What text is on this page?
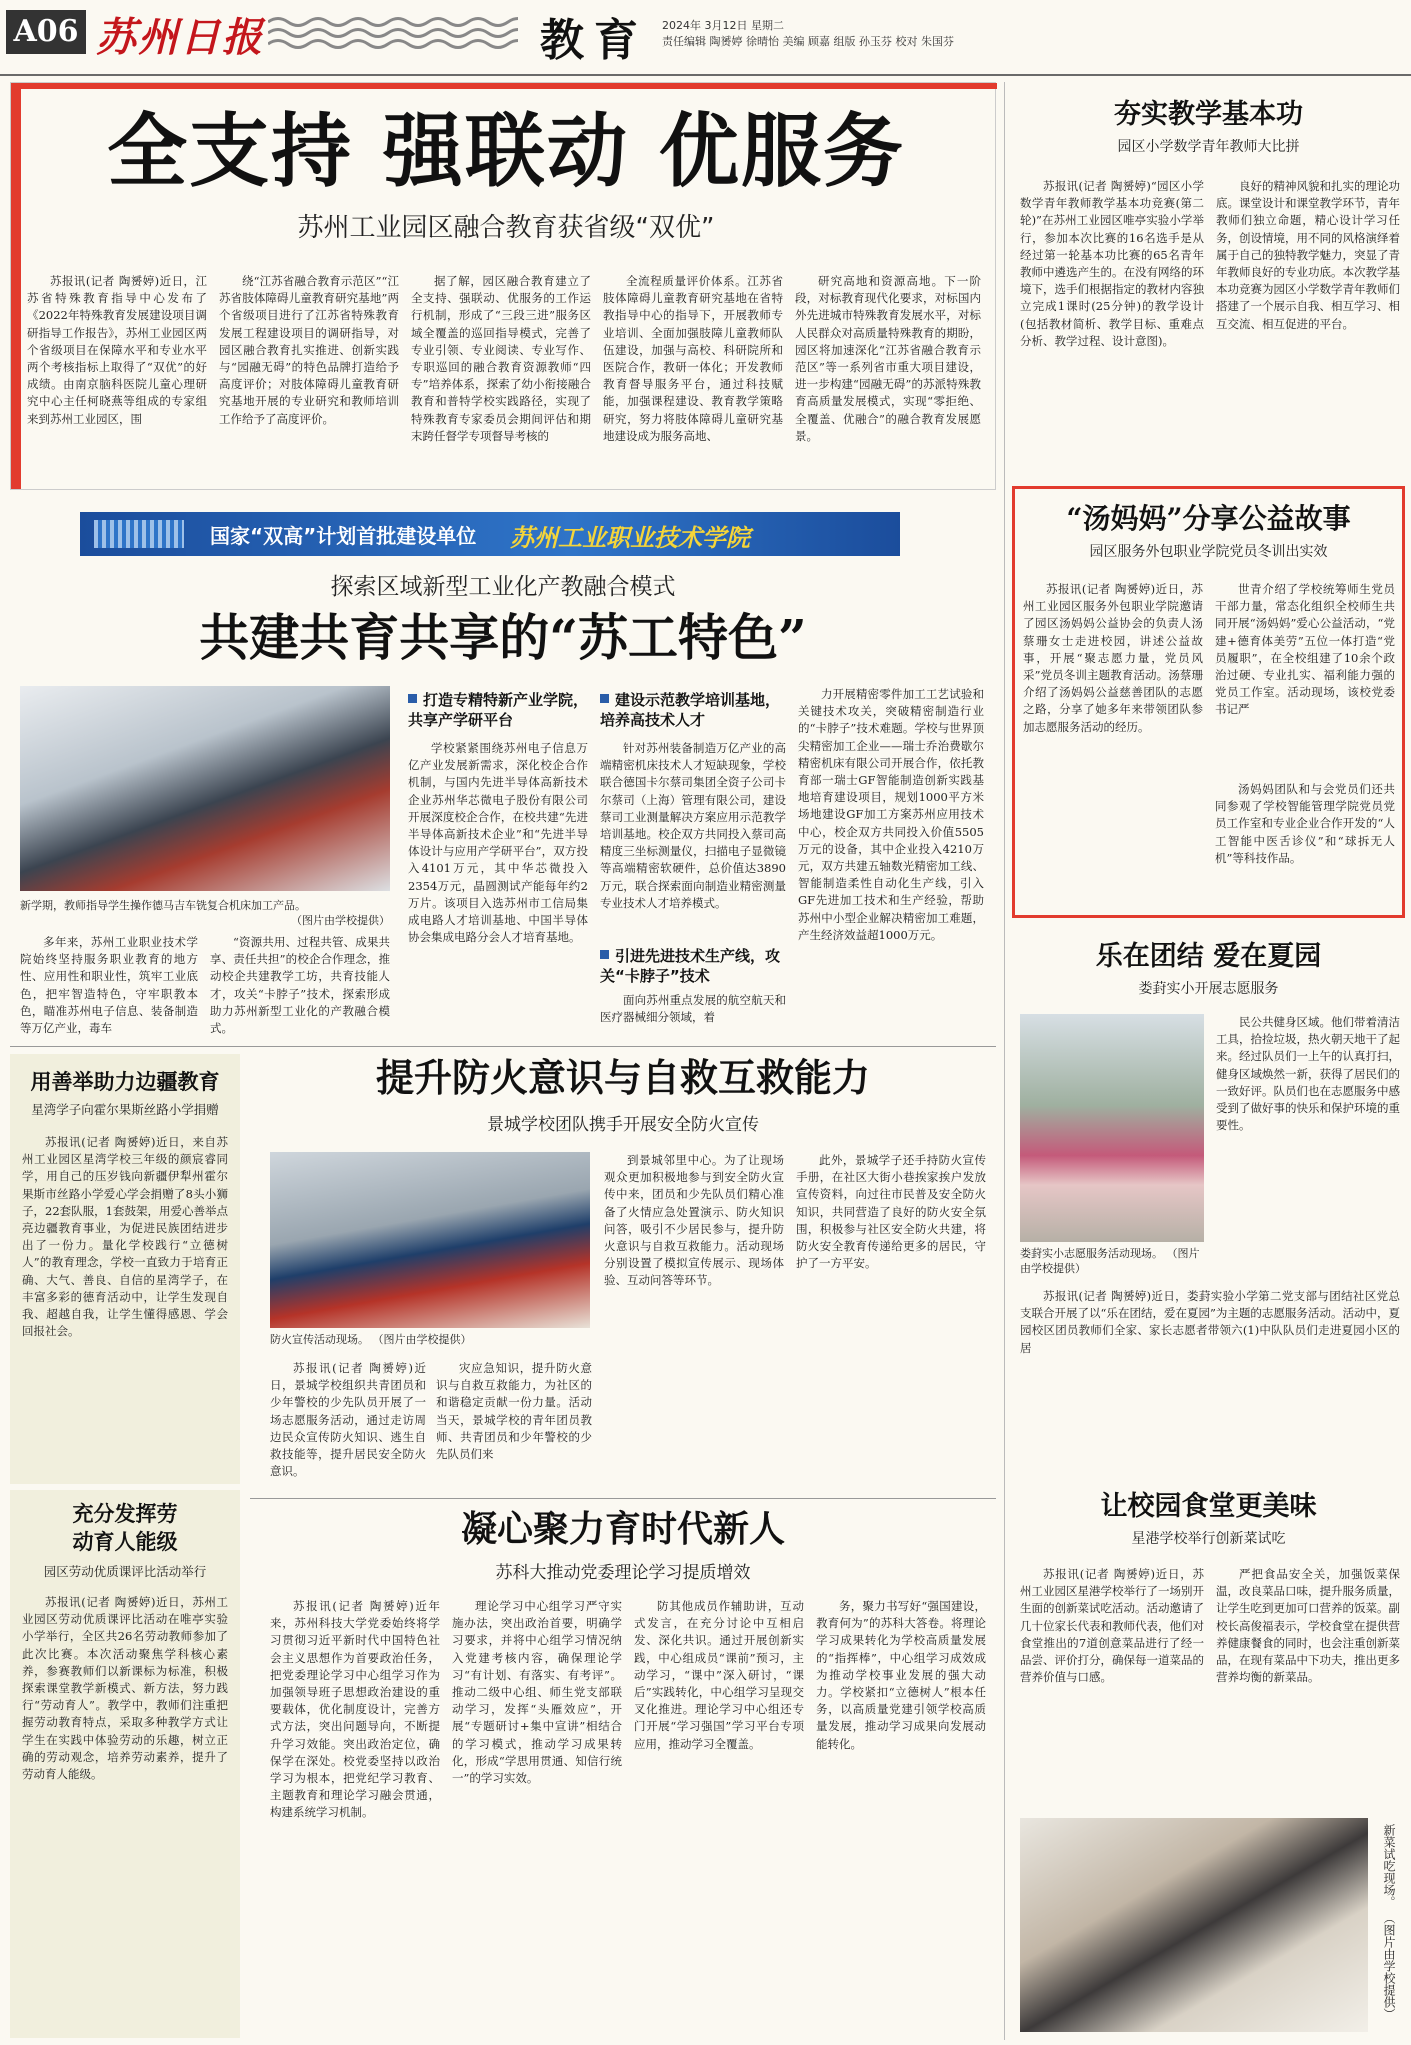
A06 苏州日报	教育 2024年 3月12日 星期二
责任编辑 陶赟婷 徐晴怡 美编 顾嘉 组版 孙玉芬 校对 朱国芬
全支持 强联动 优服务
苏州工业园区融合教育获省级“双优”

苏报讯(记者 陶赟婷)近日，江苏省特殊教育指导中心发布了《2022年特殊教育发展建设项目调研指导工作报告》，苏州工业园区两个省级项目在保障水平和专业水平两个考核指标上取得了“双优”的好成绩。由南京脑科医院儿童心理研究中心主任柯晓燕等组成的专家组来到苏州工业园区，围

绕“江苏省融合教育示范区”“江苏省肢体障碍儿童教育研究基地”两个省级项目进行了江苏省特殊教育发展工程建设项目的调研指导，对园区融合教育扎实推进、创新实践与“园融无碍”的特色品牌打造给予高度评价；对肢体障碍儿童教育研究基地开展的专业研究和教师培训工作给予了高度评价。

据了解，园区融合教育建立了全支持、强联动、优服务的工作运行机制，形成了“三段三进”服务区域全覆盖的巡回指导模式，完善了专业引领、专业阅读、专业写作、专职巡回的融合教育资源教师“四专”培养体系，探索了幼小衔接融合教育和普特学校实践路径，实现了特殊教育专家委员会期间评估和期末跨任督学专项督导考核的

全流程质量评价体系。江苏省肢体障碍儿童教育研究基地在省特教指导中心的指导下，开展教师专业培训、全面加强肢障儿童教师队伍建设，加强与高校、科研院所和医院合作，教研一体化；开发教师教育督导服务平台，通过科技赋能，加强课程建设、教育教学策略研究，努力将肢体障碍儿童研究基地建设成为服务高地、

研究高地和资源高地。下一阶段，对标教育现代化要求，对标国内外先进城市特殊教育发展水平，对标人民群众对高质量特殊教育的期盼，园区将加速深化“江苏省融合教育示范区”等一系列省市重大项目建设，进一步构建“园融无碍”的苏派特殊教育高质量发展模式，实现“零拒绝、全覆盖、优融合”的融合教育发展愿景。

国家“双高”计划首批建设单位 苏州工业职业技术学院
探索区域新型工业化产教融合模式
共建共育共享的“苏工特色”
新学期，教师指导学生操作德马吉车铣复合机床加工产品。

（图片由学校提供）

多年来，苏州工业职业技术学院始终坚持服务职业教育的地方性、应用性和职业性，筑牢工业底色，把牢智造特色，守牢职教本色，瞄准苏州电子信息、装备制造等万亿产业，毒车

“资源共用、过程共管、成果共享、责任共担”的校企合作理念，推动校企共建教学工坊，共育技能人才，攻关“卡脖子”技术，探索形成助力苏州新型工业化的产教融合模式。

打造专精特新产业学院，共享产学研平台

学校紧紧围绕苏州电子信息万亿产业发展新需求，深化校企合作机制，与国内先进半导体高新技术企业苏州华芯微电子股份有限公司开展深度校企合作，在校共建“先进半导体高新技术企业”和“先进半导体设计与应用产学研平台”，双方投入4101万元，其中华芯微投入2354万元，晶圆测试产能每年约2万片。该项目入选苏州市工信局集成电路人才培训基地、中国半导体协会集成电路分会人才培育基地。

建设示范教学培训基地，培养高技术人才

针对苏州装备制造万亿产业的高端精密机床技术人才短缺现象，学校联合德国卡尔蔡司集团全资子公司卡尔蔡司（上海）管理有限公司，建设蔡司工业测量解决方案应用示范教学培训基地。校企双方共同投入蔡司高精度三坐标测量仪，扫描电子显微镜等高端精密软硬件，总价值达3890万元，联合探索面向制造业精密测量专业技术人才培养模式。

引进先进技术生产线，攻关“卡脖子”技术

面向苏州重点发展的航空航天和医疗器械细分领域，着

力开展精密零件加工工艺试验和关键技术攻关，突破精密制造行业的“卡脖子”技术难题。学校与世界顶尖精密加工企业——瑞士乔治费歇尔精密机床有限公司开展合作，依托教育部一瑞士GF智能制造创新实践基地培育建设项目，规划1000平方米场地建设GF加工方案苏州应用技术中心，校企双方共同投入价值5505万元的设备，其中企业投入4210万元，双方共建五轴数光精密加工线、智能制造柔性自动化生产线，引入GF先进加工技术和生产经验，帮助苏州中小型企业解决精密加工难题，产生经济效益超1000万元。

用善举助力边疆教育
星湾学子向霍尔果斯丝路小学捐赠

苏报讯(记者 陶赟婷)近日，来自苏州工业园区星湾学校三年级的颜宸睿同学，用自己的压岁钱向新疆伊犁州霍尔果斯市丝路小学爱心学会捐赠了8头小狮子，22套队服，1套鼓架，用爱心善举点亮边疆教育事业，为促进民族团结进步出了一份力。量化学校践行“立德树人”的教育理念，学校一直致力于培育正确、大气、善良、自信的星湾学子，在丰富多彩的德育活动中，让学生发现自我、超越自我，让学生懂得感恩、学会回报社会。

充分发挥劳动育人能级
园区劳动优质课评比活动举行

苏报讯(记者 陶赟婷)近日，苏州工业园区劳动优质课评比活动在唯亭实验小学举行，全区共26名劳动教师参加了此次比赛。本次活动聚焦学科核心素养，参赛教师们以新课标为标准，积极探索课堂教学新模式、新方法，努力践行“劳动育人”。教学中，教师们注重把握劳动教育特点，采取多种教学方式让学生在实践中体验劳动的乐趣，树立正确的劳动观念，培养劳动素养，提升了劳动育人能级。

提升防火意识与自救互救能力
景城学校团队携手开展安全防火宣传
防火宣传活动现场。 （图片由学校提供）

苏报讯(记者 陶赟婷)近日，景城学校组织共青团员和少年警校的少先队员开展了一场志愿服务活动，通过走访周边民众宣传防火知识、逃生自救技能等，提升居民安全防火意识。

灾应急知识，提升防火意识与自救互救能力，为社区的和谐稳定贡献一份力量。活动当天，景城学校的青年团员教师、共青团员和少年警校的少先队员们来

到景城邻里中心。为了让现场观众更加积极地参与到安全防火宣传中来，团员和少先队员们精心准备了火情应急处置演示、防火知识问答，吸引不少居民参与，提升防火意识与自救互救能力。活动现场分别设置了模拟宣传展示、现场体验、互动问答等环节。

此外，景城学子还手持防火宣传手册，在社区大街小巷挨家挨户发放宣传资料，向过往市民普及安全防火知识，共同营造了良好的防火安全氛围，积极参与社区安全防火共建，将防火安全教育传递给更多的居民，守护了一方平安。

凝心聚力育时代新人
苏科大推动党委理论学习提质增效

苏报讯(记者 陶赟婷)近年来，苏州科技大学党委始终将学习贯彻习近平新时代中国特色社会主义思想作为首要政治任务，把党委理论学习中心组学习作为加强领导班子思想政治建设的重要载体，优化制度设计，完善方式方法，突出问题导向，不断提升学习效能。突出政治定位，确保学在深处。校党委坚持以政治学习为根本，把党纪学习教育、主题教育和理论学习融会贯通，构建系统学习机制。

理论学习中心组学习严守实施办法，突出政治首要，明确学习要求，并将中心组学习情况纳入党建考核内容，确保理论学习“有计划、有落实、有考评”。推动二级中心组、师生党支部联动学习，发挥“头雁效应”，开展“专题研讨+集中宣讲”相结合的学习模式，推动学习成果转化，形成“学思用贯通、知信行统一”的学习实效。

防其他成员作辅助讲，互动式发言，在充分讨论中互相启发、深化共识。通过开展创新实践，中心组成员“课前”预习，主动学习，“课中”深入研讨，“课后”实践转化，中心组学习呈现交叉化推进。理论学习中心组还专门开展“学习强国”学习平台专项应用，推动学习全覆盖。

务，聚力书写好“强国建设，教育何为”的苏科大答卷。将理论学习成果转化为学校高质量发展的“指挥棒”，中心组学习成效成为推动学校事业发展的强大动力。学校紧扣“立德树人”根本任务，以高质量党建引领学校高质量发展，推动学习成果向发展动能转化。

夯实教学基本功
园区小学数学青年教师大比拼

苏报讯(记者 陶赟婷)“园区小学数学青年教师教学基本功竞赛(第二轮)”在苏州工业园区唯亭实验小学举行，参加本次比赛的16名选手是从经过第一轮基本功比赛的65名青年教师中遴选产生的。在没有网络的环境下，选手们根据指定的教材内容独立完成1课时(25分钟)的教学设计(包括教材简析、教学目标、重难点分析、教学过程、设计意图)。

良好的精神风貌和扎实的理论功底。课堂设计和课堂教学环节，青年教师们独立命题，精心设计学习任务，创设情境，用不同的风格演绎着属于自己的独特教学魅力，突显了青年教师良好的专业功底。本次教学基本功竞赛为园区小学数学青年教师们搭建了一个展示自我、相互学习、相互交流、相互促进的平台。

“汤妈妈”分享公益故事
园区服务外包职业学院党员冬训出实效

苏报讯(记者 陶赟婷)近日，苏州工业园区服务外包职业学院邀请了园区汤妈妈公益协会的负责人汤蔡珊女士走进校园，讲述公益故事，开展“聚志愿力量，党员风采”党员冬训主题教育活动。汤蔡珊介绍了汤妈妈公益慈善团队的志愿之路，分享了她多年来带领团队参加志愿服务活动的经历。

世青介绍了学校统筹师生党员干部力量，常态化组织全校师生共同开展“汤妈妈”爱心公益活动，“党建+德育体美劳”五位一体打造“党员履职”，在全校组建了10余个政治过硬、专业扎实、福利能力强的党员工作室。活动现场，该校党委书记严

汤妈妈团队和与会党员们还共同参观了学校智能管理学院党员党员工作室和专业企业合作开发的“人工智能中医舌诊仪”和“球拆无人机”等科技作品。

乐在团结 爱在夏园
娄葑实小开展志愿服务
娄葑实小志愿服务活动现场。 （图片由学校提供）

民公共健身区域。他们带着清洁工具，拾捡垃圾，热火朝天地干了起来。经过队员们一上午的认真打扫，健身区域焕然一新，获得了居民们的一致好评。队员们也在志愿服务中感受到了做好事的快乐和保护环境的重要性。

苏报讯(记者 陶赟婷)近日，娄葑实验小学第二党支部与团结社区党总支联合开展了以“乐在团结，爱在夏园”为主题的志愿服务活动。活动中，夏园校区团员教师们全家、家长志愿者带领六(1)中队队员们走进夏园小区的居

让校园食堂更美味
星港学校举行创新菜试吃

苏报讯(记者 陶赟婷)近日，苏州工业园区星港学校举行了一场别开生面的创新菜试吃活动。活动邀请了几十位家长代表和教师代表，他们对食堂推出的7道创意菜品进行了经一品尝、评价打分，确保每一道菜品的营养价值与口感。

严把食品安全关，加强饭菜保温，改良菜品口味，提升服务质量，让学生吃到更加可口营养的饭菜。副校长高俊福表示，学校食堂在提供营养健康餐食的同时，也会注重创新菜品，在现有菜品中下功夫，推出更多营养均衡的新菜品。

新菜试吃现场。 （图片由学校提供）
